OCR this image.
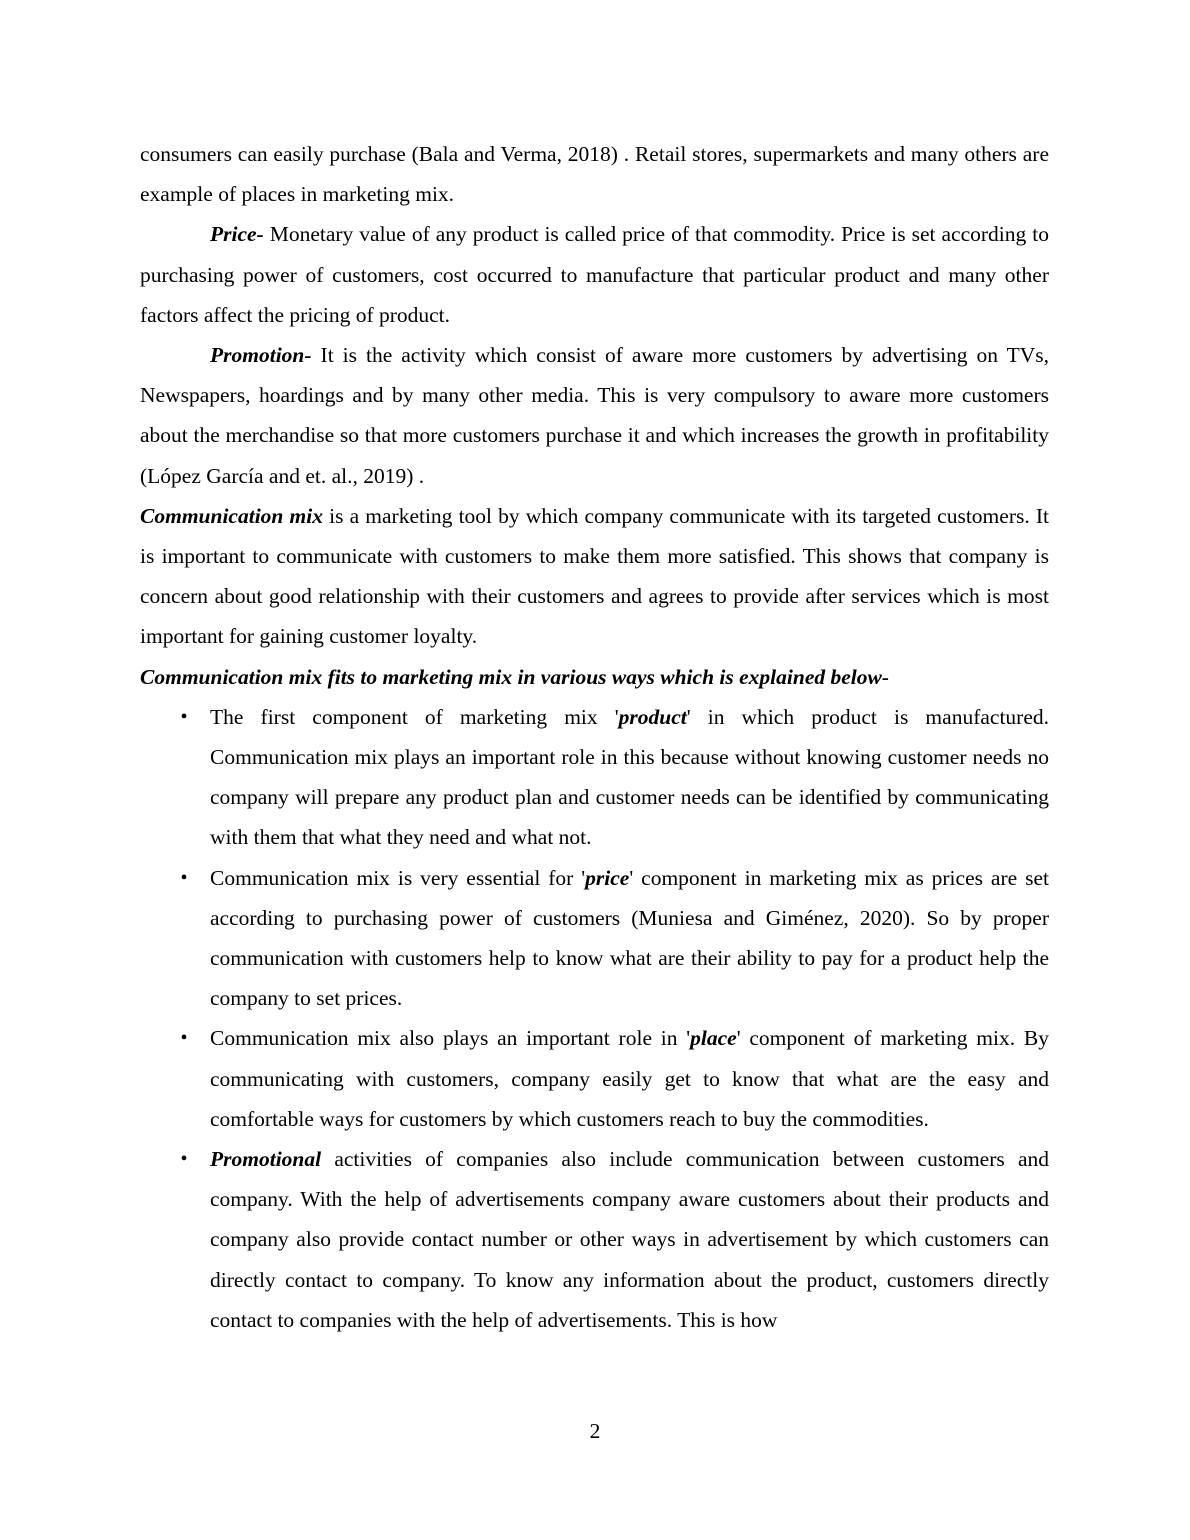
consumers can easily purchase (Bala and Verma, 2018) . Retail stores, supermarkets and many others are example of places in marketing mix.

Price- Monetary value of any product is called price of that commodity. Price is set according to purchasing power of customers, cost occurred to manufacture that particular product and many other factors affect the pricing of product.

Promotion- It is the activity which consist of aware more customers by advertising on TVs, Newspapers, hoardings and by many other media. This is very compulsory to aware more customers about the merchandise so that more customers purchase it and which increases the growth in profitability (López García and et. al., 2019) .

Communication mix is a marketing tool by which company communicate with its targeted customers. It is important to communicate with customers to make them more satisfied. This shows that company is concern about good relationship with their customers and agrees to provide after services which is most important for gaining customer loyalty.

Communication mix fits to marketing mix in various ways which is explained below-

•	The first component of marketing mix 'product' in which product is manufactured. Communication mix plays an important role in this because without knowing customer needs no company will prepare any product plan and customer needs can be identified by communicating with them that what they need and what not.
•	Communication mix is very essential for 'price' component in marketing mix as prices are set according to purchasing power of customers (Muniesa and Giménez, 2020). So by proper communication with customers help to know what are their ability to pay for a product help the company to set prices.
•	Communication mix also plays an important role in 'place' component of marketing mix. By communicating with customers, company easily get to know that what are the easy and comfortable ways for customers by which customers reach to buy the commodities.
•	Promotional activities of companies also include communication between customers and company. With the help of advertisements company aware customers about their products and company also provide contact number or other ways in advertisement by which customers can directly contact to company. To know any information about the product, customers directly contact to companies with the help of advertisements. This is how
2
